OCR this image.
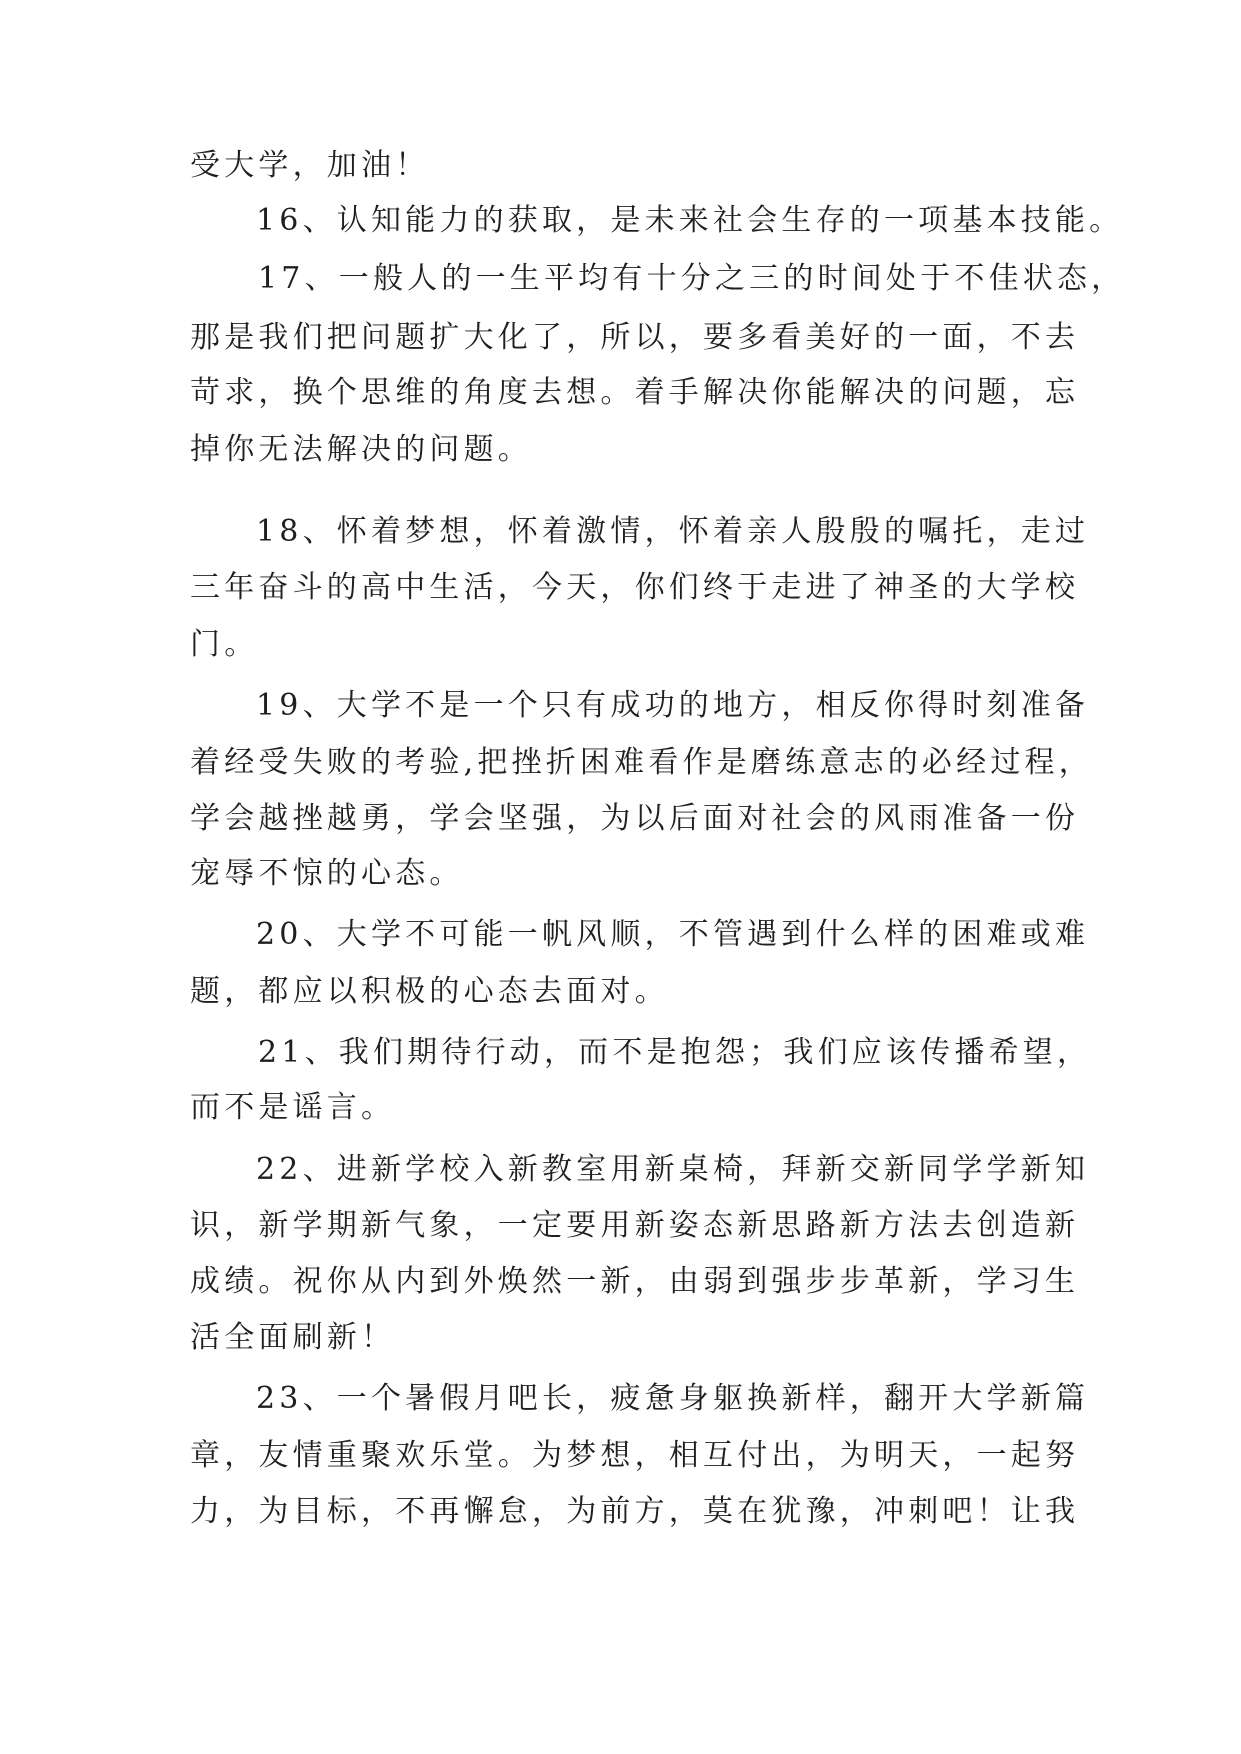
受大学，加油！

16、认知能力的获取，是未来社会生存的一项基本技能。

17、一般人的一生平均有十分之三的时间处于不佳状态，

那是我们把问题扩大化了，所以，要多看美好的一面，不去

苛求，换个思维的角度去想。着手解决你能解决的问题，忘

掉你无法解决的问题。

18、怀着梦想，怀着激情，怀着亲人殷殷的嘱托，走过

三年奋斗的高中生活，今天，你们终于走进了神圣的大学校

门。

19、大学不是一个只有成功的地方，相反你得时刻准备

着经受失败的考验,把挫折困难看作是磨练意志的必经过程，

学会越挫越勇，学会坚强，为以后面对社会的风雨准备一份

宠辱不惊的心态。

20、大学不可能一帆风顺，不管遇到什么样的困难或难

题，都应以积极的心态去面对。

21、我们期待行动，而不是抱怨；我们应该传播希望，

而不是谣言。

22、进新学校入新教室用新桌椅，拜新交新同学学新知

识，新学期新气象，一定要用新姿态新思路新方法去创造新

成绩。祝你从内到外焕然一新，由弱到强步步革新，学习生

活全面刷新！

23、一个暑假月吧长，疲惫身躯换新样，翻开大学新篇

章，友情重聚欢乐堂。为梦想，相互付出，为明天，一起努

力，为目标，不再懈怠，为前方，莫在犹豫，冲刺吧！让我
